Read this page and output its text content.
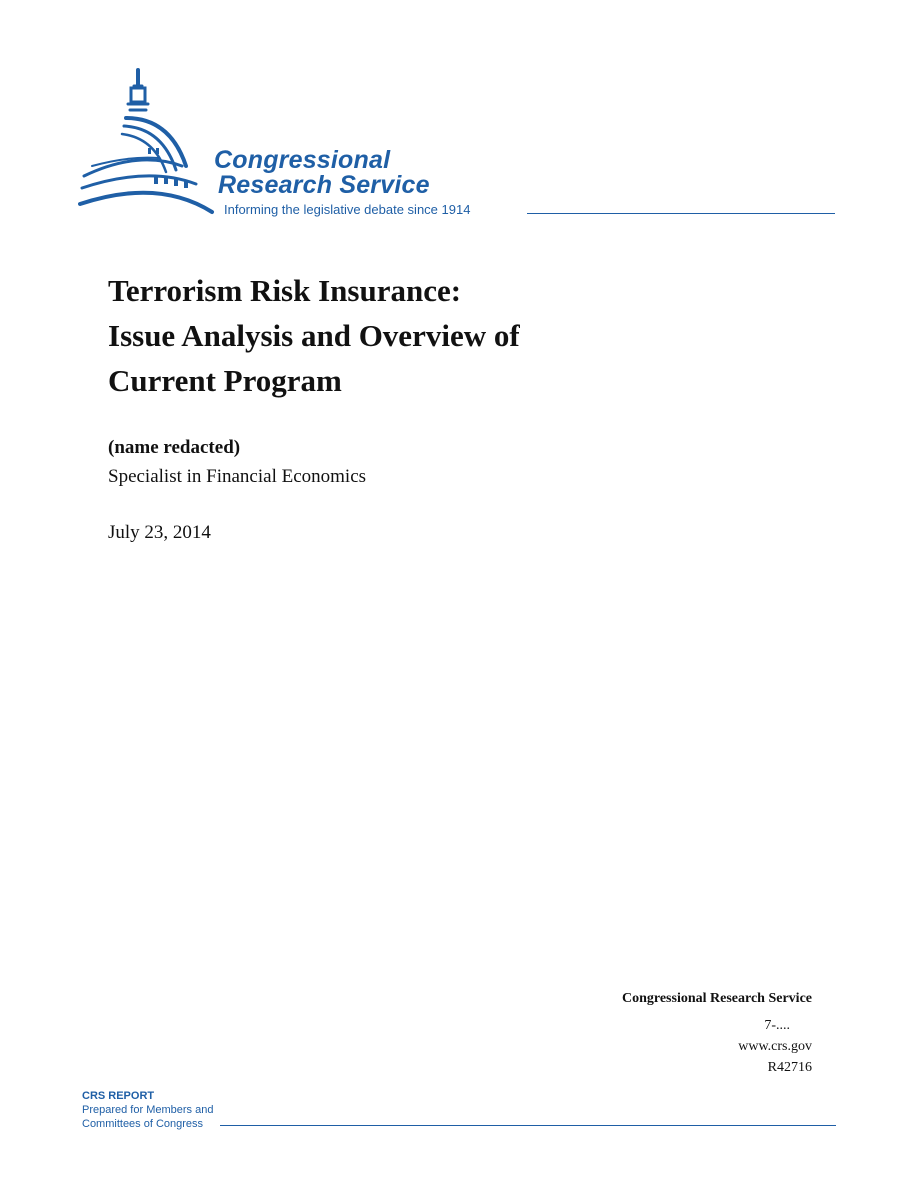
Congressional
Research Service
Informing the legislative debate since 1914
Terrorism Risk Insurance:
Issue Analysis and Overview of
Current Program
(name redacted)
Specialist in Financial Economics
July 23, 2014
Congressional Research Service
7-....
www.crs.gov
R42716
CRS REPORT
Prepared for Members and
Committees of Congress
